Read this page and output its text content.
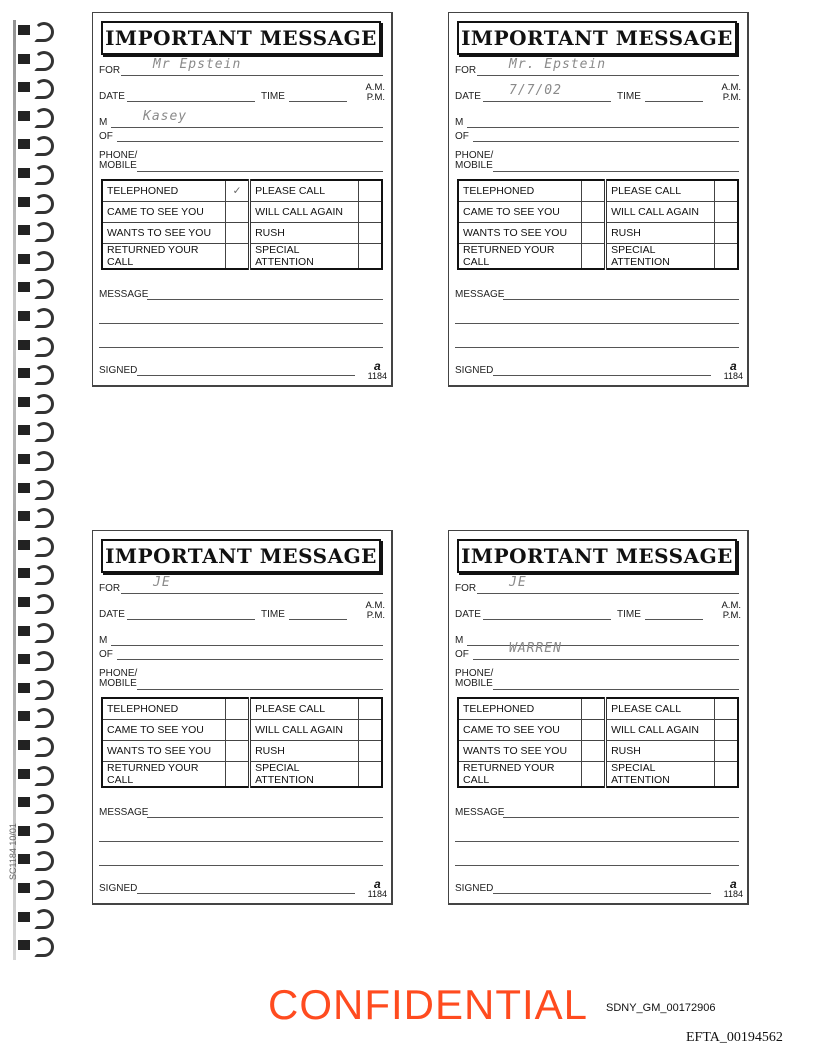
IMPORTANT MESSAGE
FOR	Mr Epstein
DATE	TIME
A.M.
P.M.
M	Kasey
OF
PHONE/
MOBILE
TELEPHONED	✓	PLEASE CALL	
CAME TO SEE YOU		WILL CALL AGAIN	
WANTS TO SEE YOU		RUSH	
RETURNED YOUR CALL		SPECIAL ATTENTION	
MESSAGE
SIGNED	a
1184
IMPORTANT MESSAGE
FOR	Mr. Epstein
DATE 7/7/02	TIME
A.M.
P.M.
M
OF
PHONE/
MOBILE
TELEPHONED		PLEASE CALL	
CAME TO SEE YOU		WILL CALL AGAIN	
WANTS TO SEE YOU		RUSH	
RETURNED YOUR CALL		SPECIAL ATTENTION	
MESSAGE
SIGNED	a
1184
IMPORTANT MESSAGE
FOR	JE
DATE	TIME
A.M.
P.M.
M
OF
PHONE/
MOBILE
TELEPHONED		PLEASE CALL	
CAME TO SEE YOU		WILL CALL AGAIN	
WANTS TO SEE YOU		RUSH	
RETURNED YOUR CALL		SPECIAL ATTENTION	
MESSAGE
SIGNED	a
1184
IMPORTANT MESSAGE
FOR	JE
DATE	TIME
A.M.
P.M.
M
OF	WARREN
PHONE/
MOBILE
TELEPHONED		PLEASE CALL	
CAME TO SEE YOU		WILL CALL AGAIN	
WANTS TO SEE YOU		RUSH	
RETURNED YOUR CALL		SPECIAL ATTENTION	
MESSAGE
SIGNED	a
1184
SC1184 10/01
CONFIDENTIAL SDNY_GM_00172906
EFTA_00194562
